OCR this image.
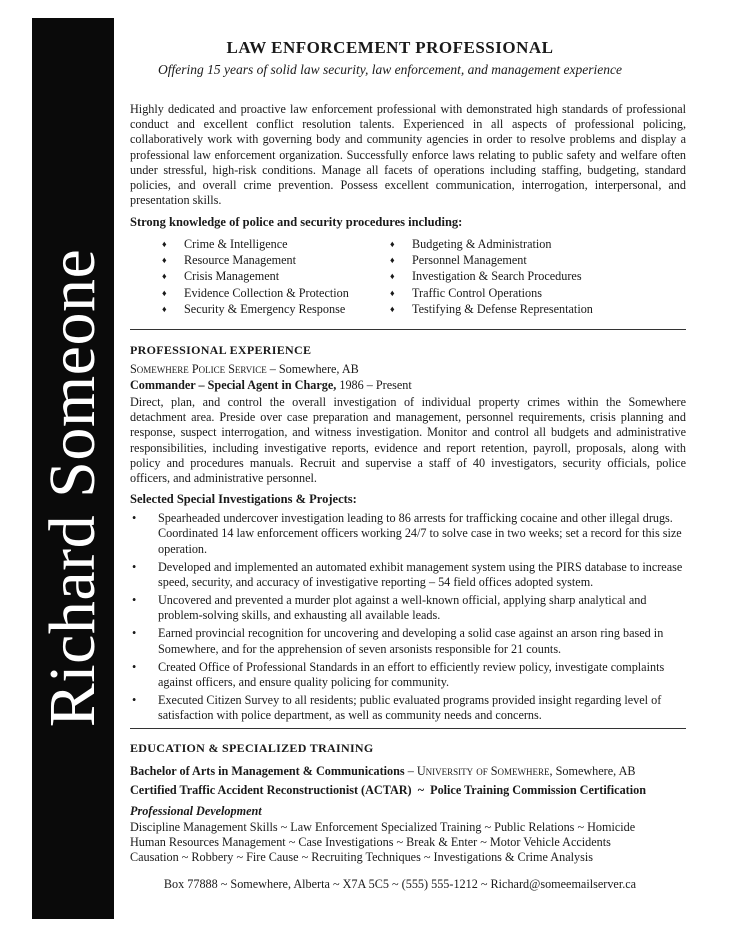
Richard Someone
LAW ENFORCEMENT PROFESSIONAL
Offering 15 years of solid law security, law enforcement, and management experience
Highly dedicated and proactive law enforcement professional with demonstrated high standards of professional conduct and excellent conflict resolution talents. Experienced in all aspects of professional policing, collaboratively work with governing body and community agencies in order to resolve problems and display a professional law enforcement organization. Successfully enforce laws relating to public safety and welfare often under stressful, high-risk conditions. Manage all facets of operations including staffing, budgeting, standard policies, and overall crime prevention. Possess excellent communication, interrogation, interpersonal, and presentation skills.
Strong knowledge of police and security procedures including:
♦ Crime & Intelligence
♦ Resource Management
♦ Crisis Management
♦ Evidence Collection & Protection
♦ Security & Emergency Response
♦ Budgeting & Administration
♦ Personnel Management
♦ Investigation & Search Procedures
♦ Traffic Control Operations
♦ Testifying & Defense Representation
PROFESSIONAL EXPERIENCE
Somewhere Police Service – Somewhere, AB
Commander – Special Agent in Charge, 1986 – Present
Direct, plan, and control the overall investigation of individual property crimes within the Somewhere detachment area. Preside over case preparation and management, personnel requirements, crisis planning and response, suspect interrogation, and witness investigation. Monitor and control all budgets and administrative responsibilities, including investigative reports, evidence and report retention, payroll, proposals, along with policy and procedures manuals. Recruit and supervise a staff of 40 investigators, security officials, police officers, and administrative personnel.
Selected Special Investigations & Projects:
• Spearheaded undercover investigation leading to 86 arrests for trafficking cocaine and other illegal drugs. Coordinated 14 law enforcement officers working 24/7 to solve case in two weeks; set a record for this size operation.
• Developed and implemented an automated exhibit management system using the PIRS database to increase speed, security, and accuracy of investigative reporting – 54 field offices adopted system.
• Uncovered and prevented a murder plot against a well-known official, applying sharp analytical and problem-solving skills, and exhausting all available leads.
• Earned provincial recognition for uncovering and developing a solid case against an arson ring based in Somewhere, and for the apprehension of seven arsonists responsible for 21 counts.
• Created Office of Professional Standards in an effort to efficiently review policy, investigate complaints against officers, and ensure quality policing for community.
• Executed Citizen Survey to all residents; public evaluated programs provided insight regarding level of satisfaction with police department, as well as community needs and concerns.
EDUCATION & SPECIALIZED TRAINING
Bachelor of Arts in Management & Communications – University of Somewhere, Somewhere, AB
Certified Traffic Accident Reconstructionist (ACTAR)  ~  Police Training Commission Certification
Professional Development
Discipline Management Skills ~ Law Enforcement Specialized Training ~ Public Relations ~ Homicide
Human Resources Management ~ Case Investigations ~ Break & Enter ~ Motor Vehicle Accidents
Causation ~ Robbery ~ Fire Cause ~ Recruiting Techniques ~ Investigations & Crime Analysis
Box 77888 ~ Somewhere, Alberta ~ X7A 5C5 ~ (555) 555-1212 ~ Richard@someemailserver.ca
